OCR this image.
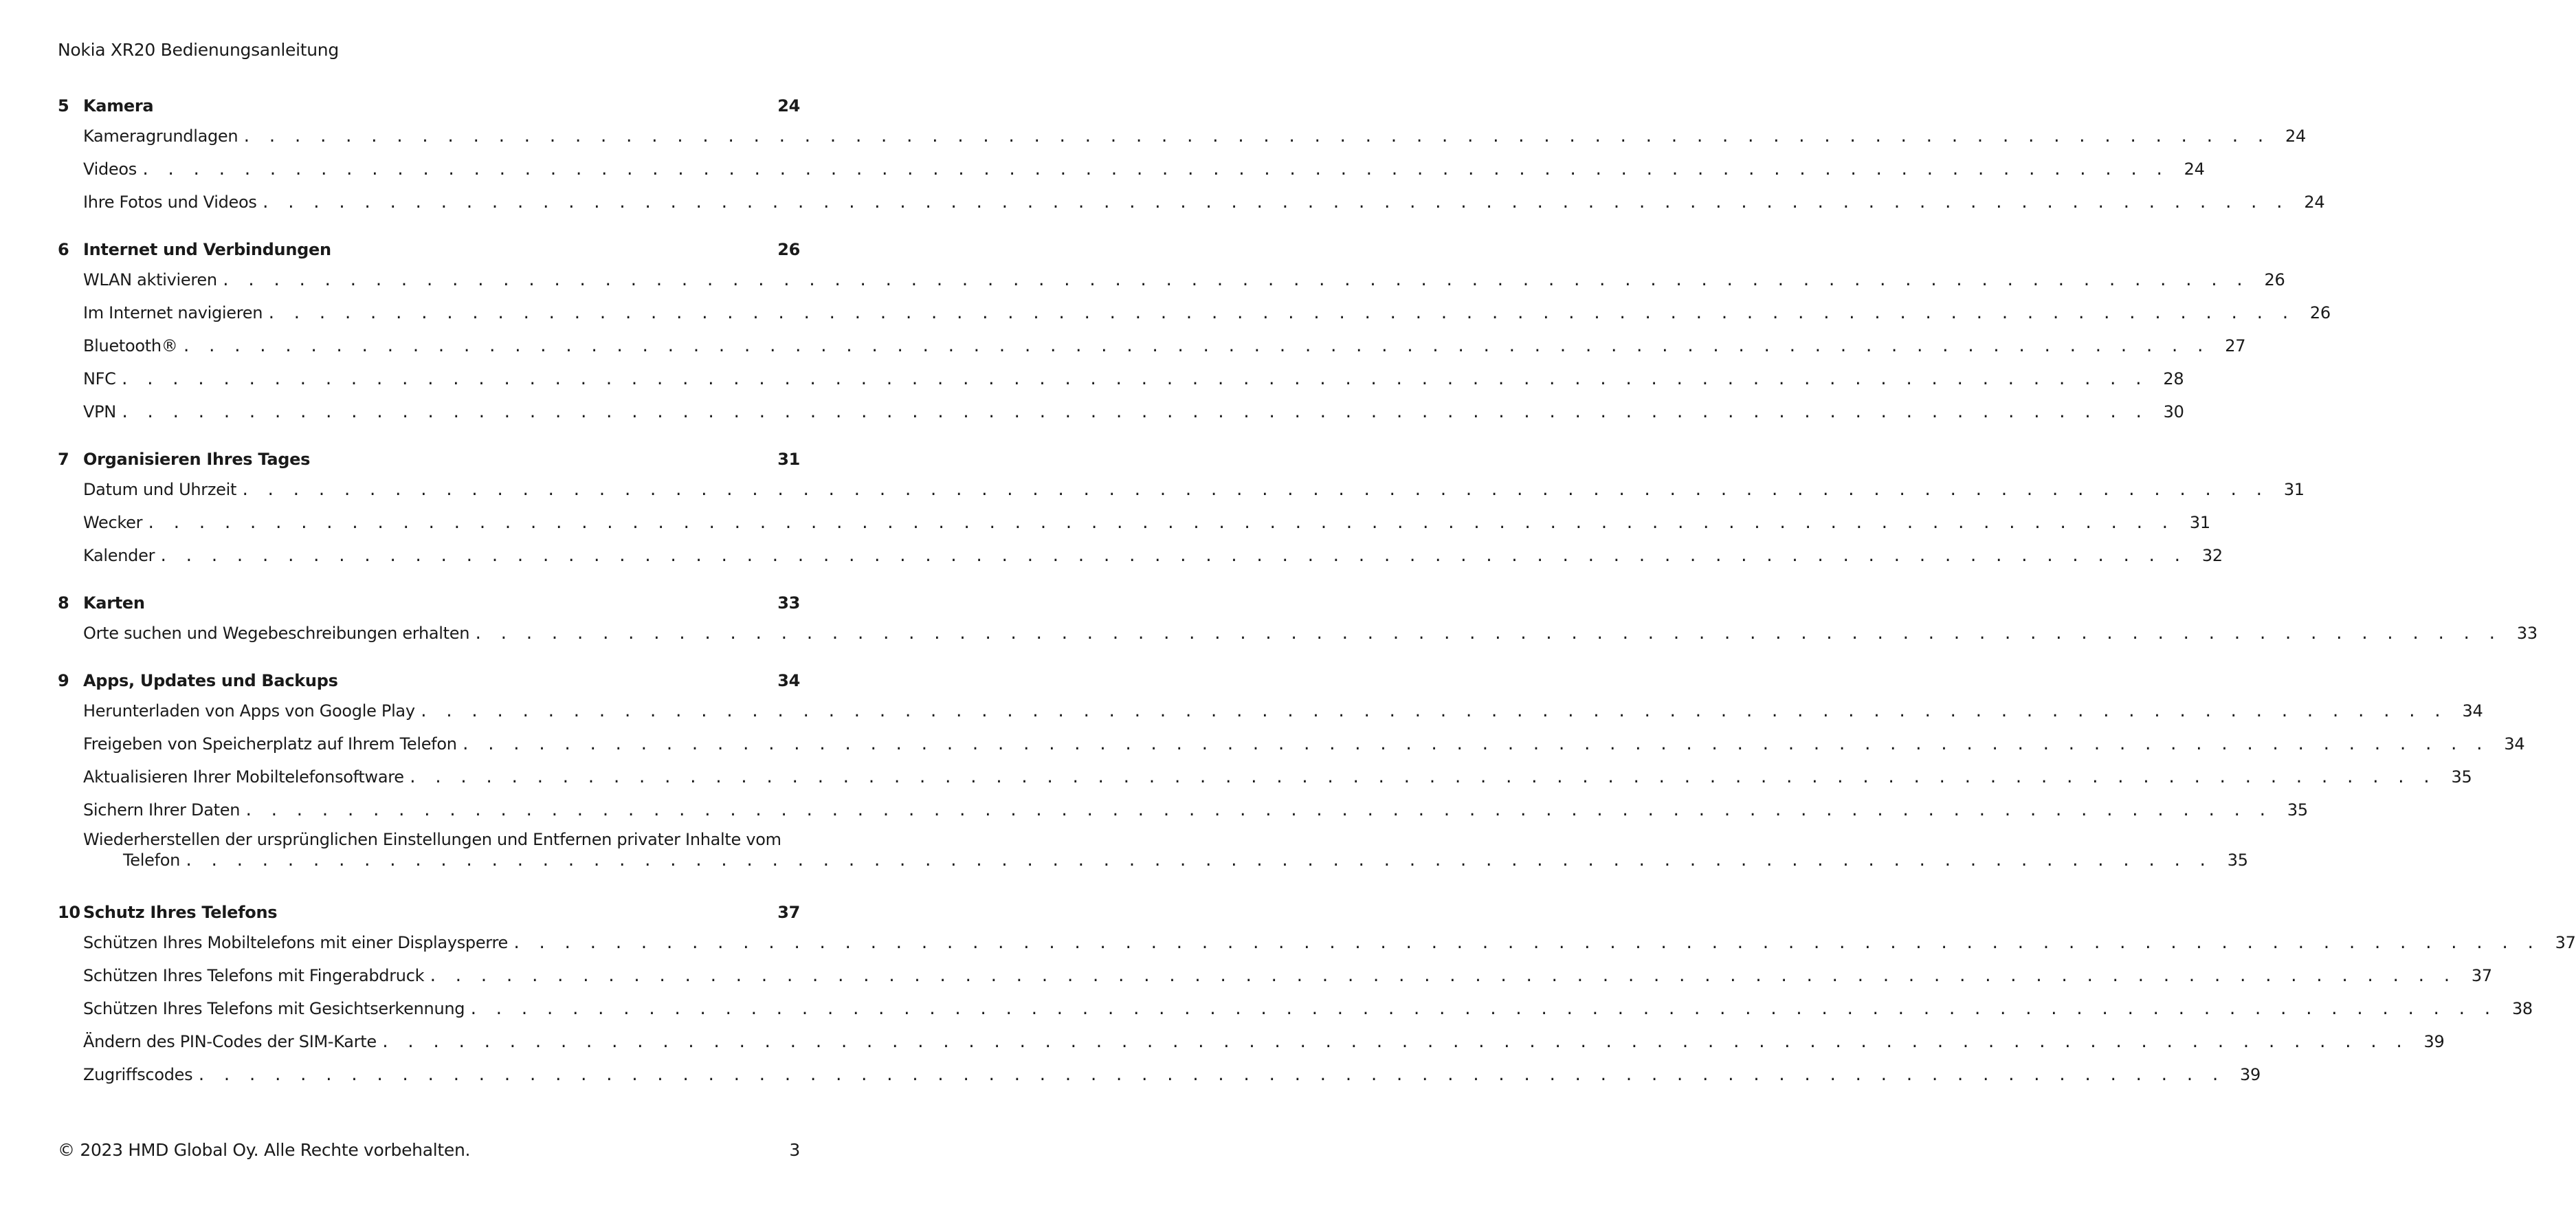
Nokia XR20 Bedienungsanleitung
5 Kamera	24
Kameragrundlagen . . . . . . . . . . . . . . . . . . . . . . . . . . . . . . . . . . . . . . . . . . . . . . . . . . . . . . . . . . . . . . . . . . . . . . . . . . . . . . . .	24
Videos . . . . . . . . . . . . . . . . . . . . . . . . . . . . . . . . . . . . . . . . . . . . . . . . . . . . . . . . . . . . . . . . . . . . . . . . . . . . . . . .	24
Ihre Fotos und Videos . . . . . . . . . . . . . . . . . . . . . . . . . . . . . . . . . . . . . . . . . . . . . . . . . . . . . . . . . . . . . . . . . . . . . . . . . . . . . . . .	24
6 Internet und Verbindungen	26
WLAN aktivieren . . . . . . . . . . . . . . . . . . . . . . . . . . . . . . . . . . . . . . . . . . . . . . . . . . . . . . . . . . . . . . . . . . . . . . . . . . . . . . . .	26
Im Internet navigieren . . . . . . . . . . . . . . . . . . . . . . . . . . . . . . . . . . . . . . . . . . . . . . . . . . . . . . . . . . . . . . . . . . . . . . . . . . . . . . . .	26
Bluetooth® . . . . . . . . . . . . . . . . . . . . . . . . . . . . . . . . . . . . . . . . . . . . . . . . . . . . . . . . . . . . . . . . . . . . . . . . . . . . . . . .	27
NFC . . . . . . . . . . . . . . . . . . . . . . . . . . . . . . . . . . . . . . . . . . . . . . . . . . . . . . . . . . . . . . . . . . . . . . . . . . . . . . . .	28
VPN . . . . . . . . . . . . . . . . . . . . . . . . . . . . . . . . . . . . . . . . . . . . . . . . . . . . . . . . . . . . . . . . . . . . . . . . . . . . . . . .	30
7 Organisieren Ihres Tages	31
Datum und Uhrzeit . . . . . . . . . . . . . . . . . . . . . . . . . . . . . . . . . . . . . . . . . . . . . . . . . . . . . . . . . . . . . . . . . . . . . . . . . . . . . . . .	31
Wecker . . . . . . . . . . . . . . . . . . . . . . . . . . . . . . . . . . . . . . . . . . . . . . . . . . . . . . . . . . . . . . . . . . . . . . . . . . . . . . . .	31
Kalender . . . . . . . . . . . . . . . . . . . . . . . . . . . . . . . . . . . . . . . . . . . . . . . . . . . . . . . . . . . . . . . . . . . . . . . . . . . . . . . .	32
8 Karten	33
Orte suchen und Wegebeschreibungen erhalten . . . . . . . . . . . . . . . . . . . . . . . . . . . . . . . . . . . . . . . . . . . . . . . . . . . . . . . . . . . . . . . . . . . . . . . . . . . . . . . .	33
9 Apps, Updates und Backups	34
Herunterladen von Apps von Google Play . . . . . . . . . . . . . . . . . . . . . . . . . . . . . . . . . . . . . . . . . . . . . . . . . . . . . . . . . . . . . . . . . . . . . . . . . . . . . . . .	34
Freigeben von Speicherplatz auf Ihrem Telefon . . . . . . . . . . . . . . . . . . . . . . . . . . . . . . . . . . . . . . . . . . . . . . . . . . . . . . . . . . . . . . . . . . . . . . . . . . . . . . . .	34
Aktualisieren Ihrer Mobiltelefonsoftware . . . . . . . . . . . . . . . . . . . . . . . . . . . . . . . . . . . . . . . . . . . . . . . . . . . . . . . . . . . . . . . . . . . . . . . . . . . . . . . .	35
Sichern Ihrer Daten . . . . . . . . . . . . . . . . . . . . . . . . . . . . . . . . . . . . . . . . . . . . . . . . . . . . . . . . . . . . . . . . . . . . . . . . . . . . . . . .	35
Wiederherstellen der ursprünglichen Einstellungen und Entfernen privater Inhalte vom
Telefon . . . . . . . . . . . . . . . . . . . . . . . . . . . . . . . . . . . . . . . . . . . . . . . . . . . . . . . . . . . . . . . . . . . . . . . . . . . . . . . .	35
10 Schutz Ihres Telefons	37
Schützen Ihres Mobiltelefons mit einer Displaysperre . . . . . . . . . . . . . . . . . . . . . . . . . . . . . . . . . . . . . . . . . . . . . . . . . . . . . . . . . . . . . . . . . . . . . . . . . . . . . . . .	37
Schützen Ihres Telefons mit Fingerabdruck . . . . . . . . . . . . . . . . . . . . . . . . . . . . . . . . . . . . . . . . . . . . . . . . . . . . . . . . . . . . . . . . . . . . . . . . . . . . . . . .	37
Schützen Ihres Telefons mit Gesichtserkennung . . . . . . . . . . . . . . . . . . . . . . . . . . . . . . . . . . . . . . . . . . . . . . . . . . . . . . . . . . . . . . . . . . . . . . . . . . . . . . . .	38
Ändern des PIN-Codes der SIM-Karte . . . . . . . . . . . . . . . . . . . . . . . . . . . . . . . . . . . . . . . . . . . . . . . . . . . . . . . . . . . . . . . . . . . . . . . . . . . . . . . .	39
Zugriffscodes . . . . . . . . . . . . . . . . . . . . . . . . . . . . . . . . . . . . . . . . . . . . . . . . . . . . . . . . . . . . . . . . . . . . . . . . . . . . . . . .	39
© 2023 HMD Global Oy. Alle Rechte vorbehalten.	3
